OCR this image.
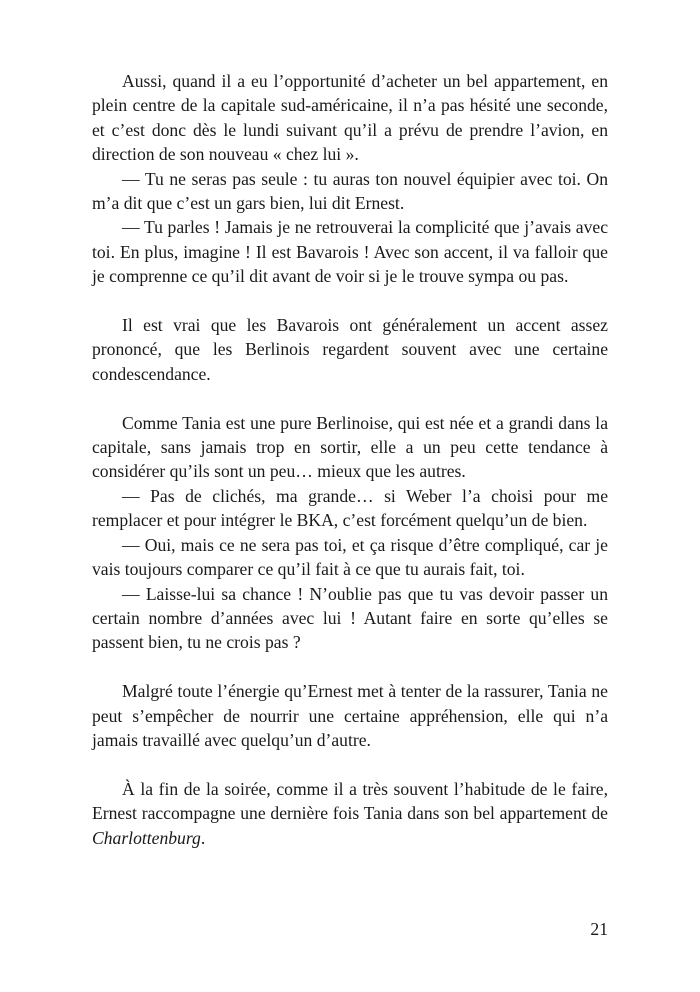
Aussi, quand il a eu l’opportunité d’acheter un bel appartement, en plein centre de la capitale sud-américaine, il n’a pas hésité une seconde, et c’est donc dès le lundi suivant qu’il a prévu de prendre l’avion, en direction de son nouveau « chez lui ».

— Tu ne seras pas seule : tu auras ton nouvel équipier avec toi. On m’a dit que c’est un gars bien, lui dit Ernest.

— Tu parles ! Jamais je ne retrouverai la complicité que j’avais avec toi. En plus, imagine ! Il est Bavarois ! Avec son accent, il va falloir que je comprenne ce qu’il dit avant de voir si je le trouve sympa ou pas.

Il est vrai que les Bavarois ont généralement un accent assez prononcé, que les Berlinois regardent souvent avec une certaine condescendance.

Comme Tania est une pure Berlinoise, qui est née et a grandi dans la capitale, sans jamais trop en sortir, elle a un peu cette tendance à considérer qu’ils sont un peu… mieux que les autres.

— Pas de clichés, ma grande… si Weber l’a choisi pour me remplacer et pour intégrer le BKA, c’est forcément quelqu’un de bien.

— Oui, mais ce ne sera pas toi, et ça risque d’être compliqué, car je vais toujours comparer ce qu’il fait à ce que tu aurais fait, toi.

— Laisse-lui sa chance ! N’oublie pas que tu vas devoir passer un certain nombre d’années avec lui ! Autant faire en sorte qu’elles se passent bien, tu ne crois pas ?

Malgré toute l’énergie qu’Ernest met à tenter de la rassurer, Tania ne peut s’empêcher de nourrir une certaine appréhension, elle qui n’a jamais travaillé avec quelqu’un d’autre.

À la fin de la soirée, comme il a très souvent l’habitude de le faire, Ernest raccompagne une dernière fois Tania dans son bel appartement de Charlottenburg.

21
